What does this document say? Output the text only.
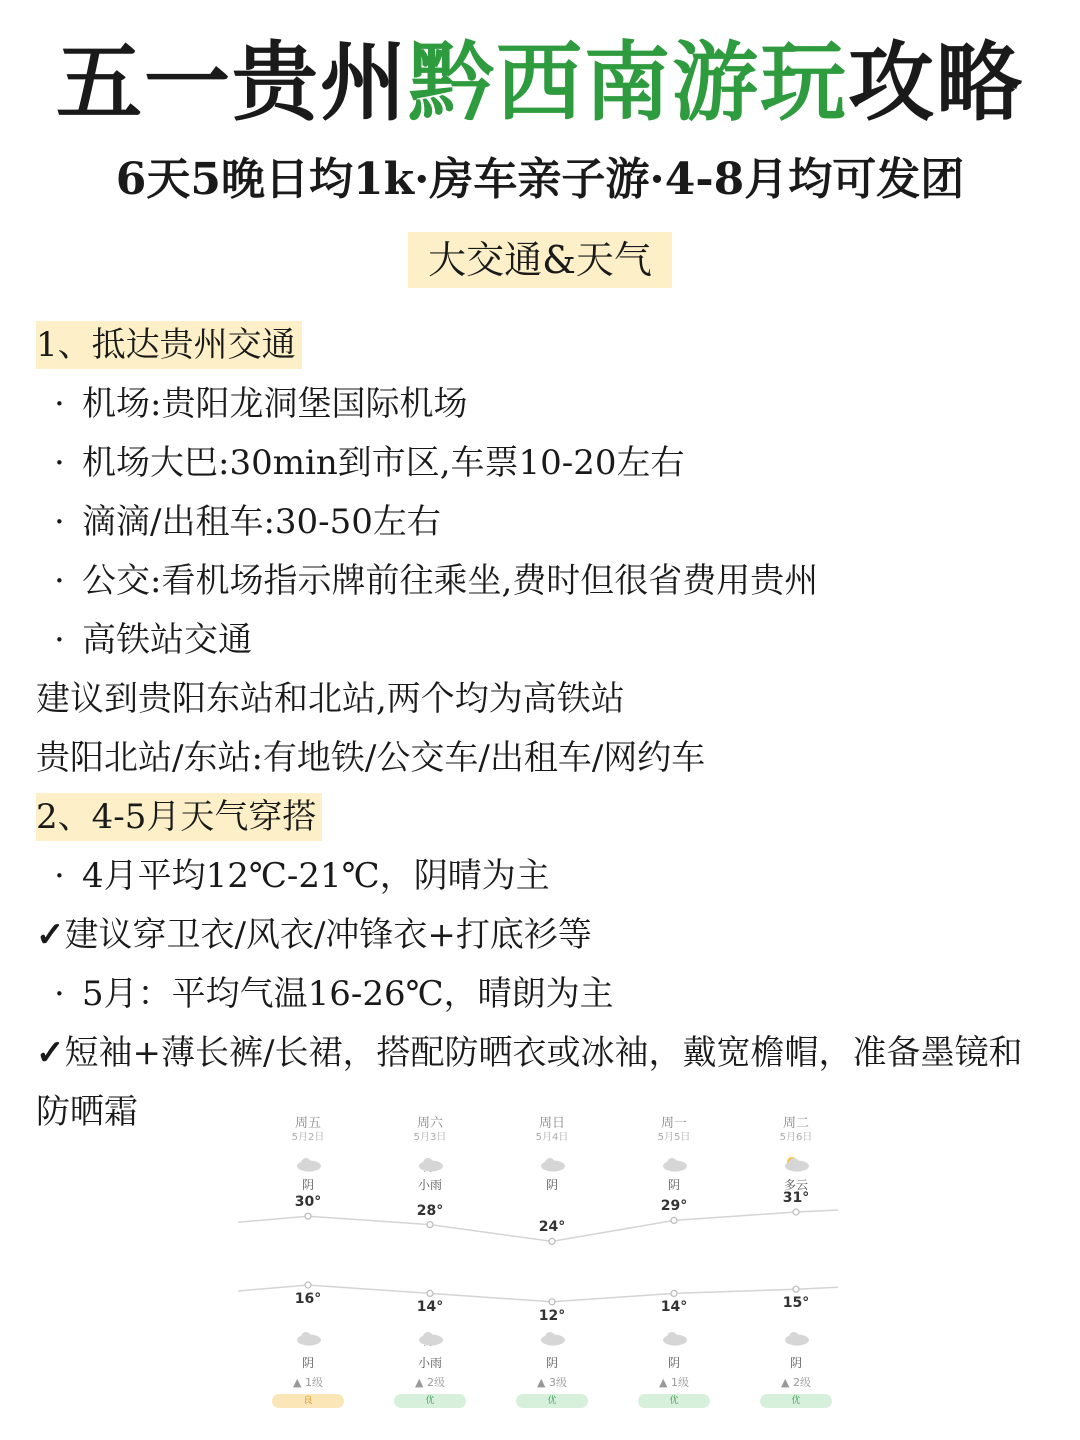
五一贵州黔西南游玩攻略
6天5晚日均1k·房车亲子游·4-8月均可发团
大交通&天气
1、抵达贵州交通
· 机场:贵阳龙洞堡国际机场
· 机场大巴:30min到市区,车票10-20左右
· 滴滴/出租车:30-50左右
· 公交:看机场指示牌前往乘坐,费时但很省费用贵州
· 高铁站交通
建议到贵阳东站和北站,两个均为高铁站
贵阳北站/东站:有地铁/公交车/出租车/网约车
2、4-5月天气穿搭
· 4月平均12℃-21℃，阴晴为主
✓建议穿卫衣/风衣/冲锋衣+打底衫等
· 5月：平均气温16-26℃，晴朗为主
✓短袖+薄长裤/长裙，搭配防晒衣或冰袖，戴宽檐帽，准备墨镜和
防晒霜	周五
5月2日
阴
30°
16°
阴
▲ 1级
良
周六
5月3日
小雨
28°
14°
小雨
▲ 2级
优
周日
5月4日
阴
24°
12°
阴
▲ 3级
优
周一
5月5日
阴
29°
14°
阴
▲ 1级
优
周二
5月6日
多云
31°
15°
阴
▲ 2级
优
